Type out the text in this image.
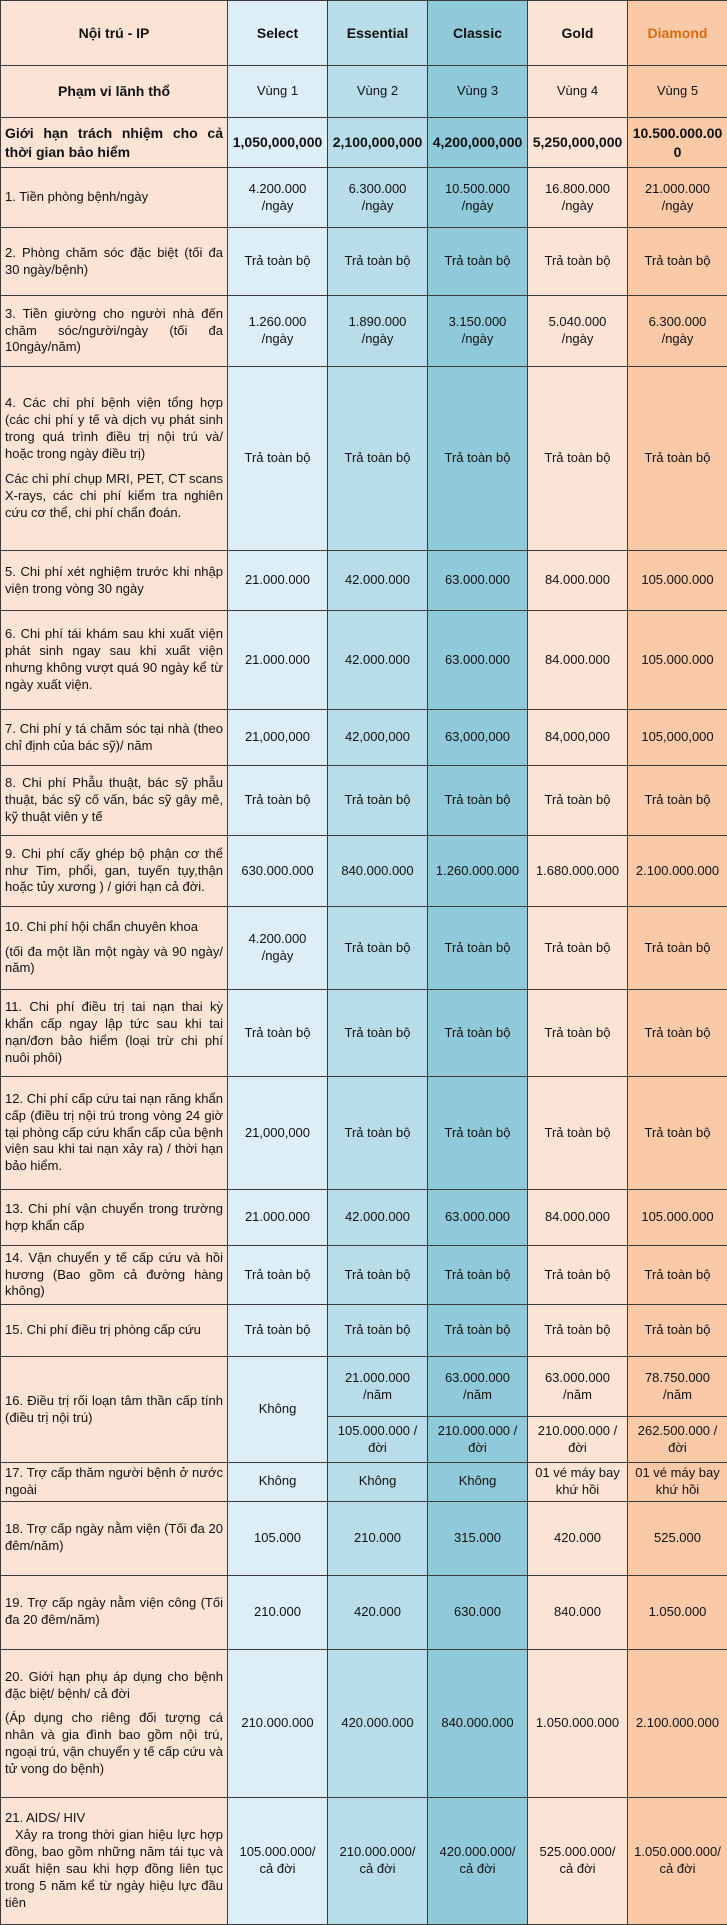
Nội trú - IP	Select	Essential	Classic	Gold	Diamond
Phạm vi lãnh thổ	Vùng 1	Vùng 2	Vùng 3	Vùng 4	Vùng 5
Giới hạn trách nhiệm cho cả thời gian bảo hiểm	1,050,000,000	2,100,000,000	4,200,000,000	5,250,000,000	10.500.000.000
1. Tiền phòng bệnh/ngày	4.200.000 /ngày	6.300.000 /ngày	10.500.000 /ngày	16.800.000 /ngày	21.000.000 /ngày
2. Phòng chăm sóc đặc biệt (tối đa 30 ngày/bệnh)	Trả toàn bộ	Trả toàn bộ	Trả toàn bộ	Trả toàn bộ	Trả toàn bộ
3. Tiền giường cho người nhà đến chăm sóc/người/ngày (tối đa 10ngày/năm)	1.260.000 /ngày	1.890.000 /ngày	3.150.000 /ngày	5.040.000 /ngày	6.300.000 /ngày
4. Các chi phí bệnh viện tổng hợp (các chi phí y tế và dịch vụ phát sinh trong quá trình điều trị nội trú và/ hoặc trong ngày điều trị)
Các chi phí chụp MRI, PET, CT scans X-rays, các chi phí kiểm tra nghiên cứu cơ thể, chi phí chẩn đoán.	Trả toàn bộ	Trả toàn bộ	Trả toàn bộ	Trả toàn bộ	Trả toàn bộ
5. Chi phí xét nghiệm trước khi nhập viện trong vòng 30 ngày	21.000.000	42.000.000	63.000.000	84.000.000	105.000.000
6. Chi phí tái khám sau khi xuất viện phát sinh ngay sau khi xuất viện nhưng không vượt quá 90 ngày kể từ ngày xuất viện.	21.000.000	42.000.000	63.000.000	84.000.000	105.000.000
7. Chi phí y tá chăm sóc tại nhà (theo chỉ định của bác sỹ)/ năm	21,000,000	42,000,000	63,000,000	84,000,000	105,000,000
8. Chi phí Phẫu thuật, bác sỹ phẫu thuật, bác sỹ cố vấn, bác sỹ gây mê, kỹ thuật viên y tế	Trả toàn bộ	Trả toàn bộ	Trả toàn bộ	Trả toàn bộ	Trả toàn bộ
9. Chi phí cấy ghép bộ phận cơ thể như Tim, phổi, gan, tuyến tụy,thận hoặc tủy xương ) / giới hạn cả đời.	630.000.000	840.000.000	1.260.000.000	1.680.000.000	2.100.000.000
10. Chi phí hội chẩn chuyên khoa
(tối đa một lần một ngày và 90 ngày/ năm)	4.200.000 /ngày	Trả toàn bộ	Trả toàn bộ	Trả toàn bộ	Trả toàn bộ
11. Chi phí điều trị tai nạn thai kỳ khẩn cấp ngay lập tức sau khi tai nạn/đơn bảo hiểm (loại trừ chi phí nuôi phôi)	Trả toàn bộ	Trả toàn bộ	Trả toàn bộ	Trả toàn bộ	Trả toàn bộ
12. Chi phí cấp cứu tai nạn răng khẩn cấp (điều trị nội trú trong vòng 24 giờ tại phòng cấp cứu khẩn cấp của bệnh viện sau khi tai nạn xảy ra) / thời hạn bảo hiểm.	21,000,000	Trả toàn bộ	Trả toàn bộ	Trả toàn bộ	Trả toàn bộ
13. Chi phí vận chuyển trong trường hợp khẩn cấp	21.000.000	42.000.000	63.000.000	84.000.000	105.000.000
14. Vận chuyển y tế cấp cứu và hồi hương (Bao gồm cả đường hàng không)	Trả toàn bộ	Trả toàn bộ	Trả toàn bộ	Trả toàn bộ	Trả toàn bộ
15. Chi phí điều trị phòng cấp cứu	Trả toàn bộ	Trả toàn bộ	Trả toàn bộ	Trả toàn bộ	Trả toàn bộ
16. Điều trị rối loạn tâm thần cấp tính (điều trị nội trú)	Không	21.000.000 /năm	63.000.000 /năm	63.000.000 /năm	78.750.000 /năm
		105.000.000 /đời	210.000.000 /đời	210.000.000 /đời	262.500.000 /đời
17. Trợ cấp thăm người bệnh ở nước ngoài	Không	Không	Không	01 vé máy bay khứ hồi	01 vé máy bay khứ hồi
18. Trợ cấp ngày nằm viện (Tối đa 20 đêm/năm)	105.000	210.000	315.000	420.000	525.000
19. Trợ cấp ngày nằm viện công (Tối đa 20 đêm/năm)	210.000	420.000	630.000	840.000	1.050.000
20. Giới hạn phụ áp dụng cho bệnh đặc biệt/ bệnh/ cả đời
(Áp dụng cho riêng đối tượng cá nhân và gia đình bao gồm nội trú, ngoại trú, vận chuyển y tế cấp cứu và tử vong do bệnh)	210.000.000	420.000.000	840.000.000	1.050.000.000	2.100.000.000
21. AIDS/ HIV
Xảy ra trong thời gian hiệu lực hợp đồng, bao gồm những năm tái tục và xuất hiện sau khi hợp đồng liên tục trong 5 năm kể từ ngày hiệu lực đầu tiên	105.000.000/ cả đời	210.000.000/ cả đời	420.000.000/ cả đời	525.000.000/ cả đời	1.050.000.000/ cả đời
